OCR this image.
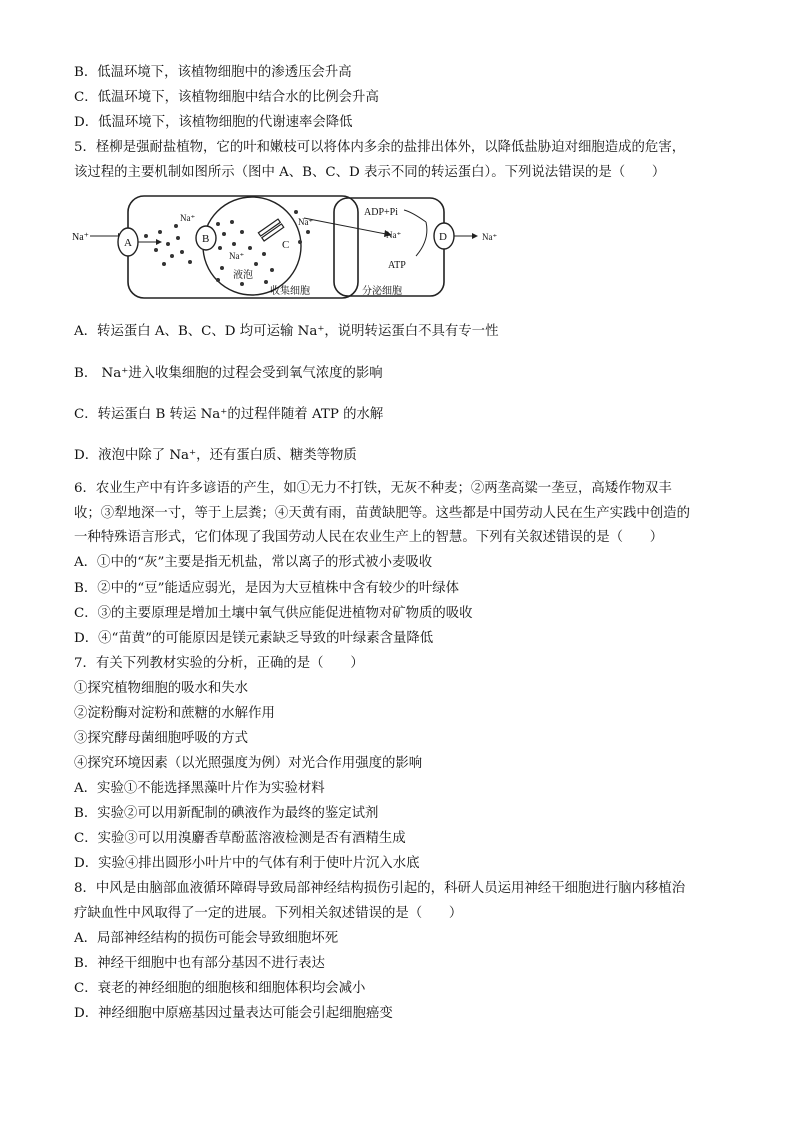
B．低温环境下，该植物细胞中的渗透压会升高
C．低温环境下，该植物细胞中结合水的比例会升高
D．低温环境下，该植物细胞的代谢速率会降低
5．柽柳是强耐盐植物，它的叶和嫩枝可以将体内多余的盐排出体外，以降低盐胁迫对细胞造成的危害，
该过程的主要机制如图所示（图中 A、B、C、D 表示不同的转运蛋白）。下列说法错误的是（　　）
Na⁺	A	B
Na⁺
C
Na⁺
Na⁺
液泡
ADP+Pi
Na⁺
ATP
D	Na⁺
收集细胞	分泌细胞
A．转运蛋白 A、B、C、D 均可运输 Na⁺，说明转运蛋白不具有专一性
B． Na⁺进入收集细胞的过程会受到氧气浓度的影响
C．转运蛋白 B 转运 Na⁺的过程伴随着 ATP 的水解
D．液泡中除了 Na⁺，还有蛋白质、糖类等物质
6．农业生产中有许多谚语的产生，如①无力不打铁，无灰不种麦；②两垄高粱一垄豆，高矮作物双丰
收；③犁地深一寸，等于上层粪；④天黄有雨，苗黄缺肥等。这些都是中国劳动人民在生产实践中创造的
一种特殊语言形式，它们体现了我国劳动人民在农业生产上的智慧。下列有关叙述错误的是（　　）
A．①中的“灰”主要是指无机盐，常以离子的形式被小麦吸收
B．②中的“豆”能适应弱光，是因为大豆植株中含有较少的叶绿体
C．③的主要原理是增加土壤中氧气供应能促进植物对矿物质的吸收
D．④“苗黄”的可能原因是镁元素缺乏导致的叶绿素含量降低
7．有关下列教材实验的分析，正确的是（　　）
①探究植物细胞的吸水和失水
②淀粉酶对淀粉和蔗糖的水解作用
③探究酵母菌细胞呼吸的方式
④探究环境因素（以光照强度为例）对光合作用强度的影响
A．实验①不能选择黑藻叶片作为实验材料
B．实验②可以用新配制的碘液作为最终的鉴定试剂
C．实验③可以用溴麝香草酚蓝溶液检测是否有酒精生成
D．实验④排出圆形小叶片中的气体有利于使叶片沉入水底
8．中风是由脑部血液循环障碍导致局部神经结构损伤引起的，科研人员运用神经干细胞进行脑内移植治
疗缺血性中风取得了一定的进展。下列相关叙述错误的是（　　）
A．局部神经结构的损伤可能会导致细胞坏死
B．神经干细胞中也有部分基因不进行表达
C．衰老的神经细胞的细胞核和细胞体积均会减小
D．神经细胞中原癌基因过量表达可能会引起细胞癌变
